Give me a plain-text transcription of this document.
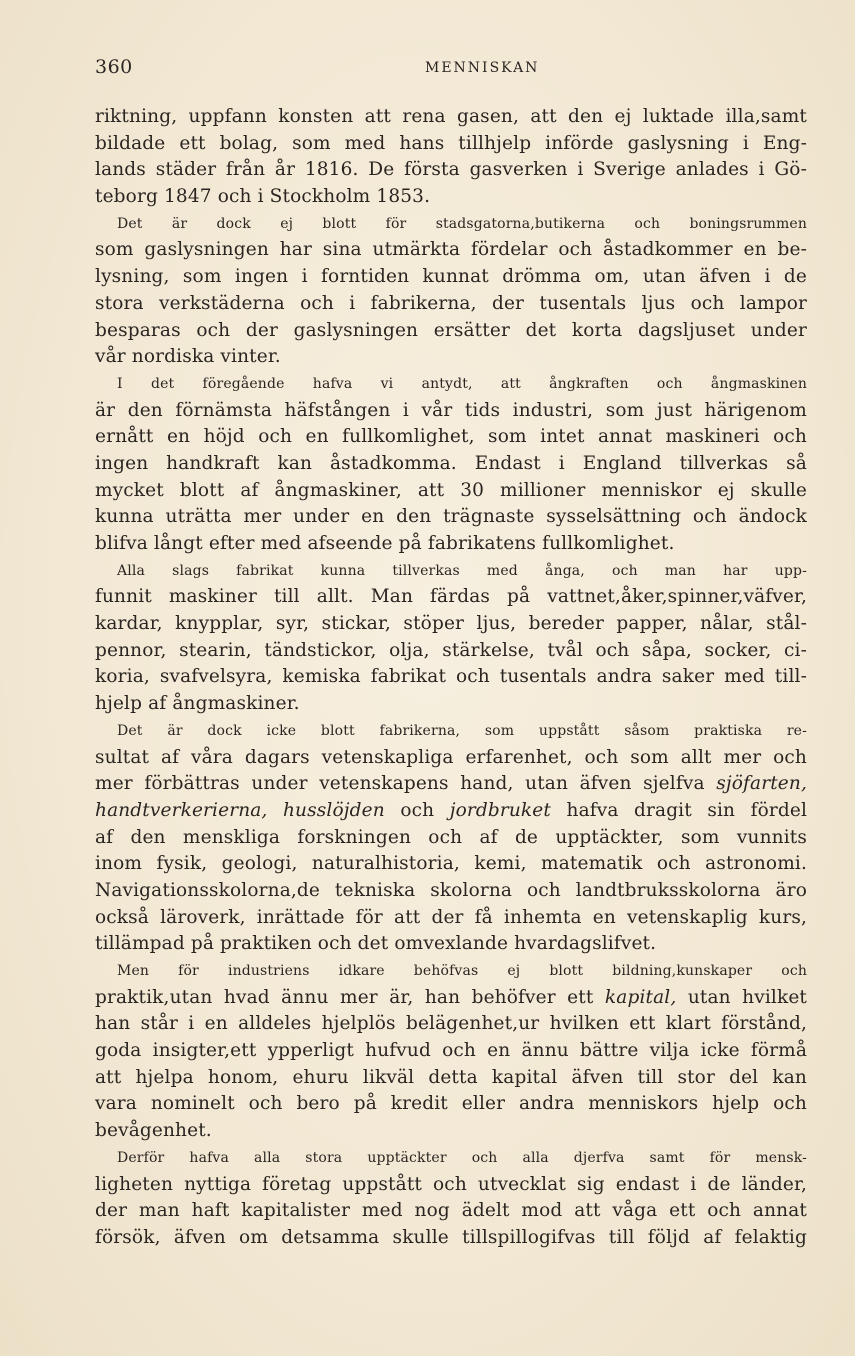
360	MENNISKAN
riktning, uppfann konsten att rena gasen, att den ej luktade illa,samt
bildade ett bolag, som med hans tillhjelp införde gaslysning i Eng-
lands städer från år 1816. De första gasverken i Sverige anlades i Gö-
teborg 1847 och i Stockholm 1853.
Det är dock ej blott för stadsgatorna,butikerna och boningsrummen
som gaslysningen har sina utmärkta fördelar och åstadkommer en be-
lysning, som ingen i forntiden kunnat drömma om, utan äfven i de
stora verkstäderna och i fabrikerna, der tusentals ljus och lampor
besparas och der gaslysningen ersätter det korta dagsljuset under
vår nordiska vinter.
I det föregående hafva vi antydt, att ångkraften och ångmaskinen
är den förnämsta häfstången i vår tids industri, som just härigenom
ernått en höjd och en fullkomlighet, som intet annat maskineri och
ingen handkraft kan åstadkomma. Endast i England tillverkas så
mycket blott af ångmaskiner, att 30 millioner menniskor ej skulle
kunna uträtta mer under en den trägnaste sysselsättning och ändock
blifva långt efter med afseende på fabrikatens fullkomlighet.
Alla slags fabrikat kunna tillverkas med ånga, och man har upp-
funnit maskiner till allt. Man färdas på vattnet,åker,spinner,väfver,
kardar, knypplar, syr, stickar, stöper ljus, bereder papper, nålar, stål-
pennor, stearin, tändstickor, olja, stärkelse, tvål och såpa, socker, ci-
koria, svafvelsyra, kemiska fabrikat och tusentals andra saker med till-
hjelp af ångmaskiner.
Det är dock icke blott fabrikerna, som uppstått såsom praktiska re-
sultat af våra dagars vetenskapliga erfarenhet, och som allt mer och
mer förbättras under vetenskapens hand, utan äfven sjelfva sjöfarten,
handtverkerierna, husslöjden och jordbruket hafva dragit sin fördel
af den menskliga forskningen och af de upptäckter, som vunnits
inom fysik, geologi, naturalhistoria, kemi, matematik och astronomi.
Navigationsskolorna,de tekniska skolorna och landtbruksskolorna äro
också läroverk, inrättade för att der få inhemta en vetenskaplig kurs,
tillämpad på praktiken och det omvexlande hvardagslifvet.
Men för industriens idkare behöfvas ej blott bildning,kunskaper och
praktik,utan hvad ännu mer är, han behöfver ett kapital, utan hvilket
han står i en alldeles hjelplös belägenhet,ur hvilken ett klart förstånd,
goda insigter,ett ypperligt hufvud och en ännu bättre vilja icke förmå
att hjelpa honom, ehuru likväl detta kapital äfven till stor del kan
vara nominelt och bero på kredit eller andra menniskors hjelp och
bevågenhet.
Derför hafva alla stora upptäckter och alla djerfva samt för mensk-
ligheten nyttiga företag uppstått och utvecklat sig endast i de länder,
der man haft kapitalister med nog ädelt mod att våga ett och annat
försök, äfven om detsamma skulle tillspillogifvas till följd af felaktig
